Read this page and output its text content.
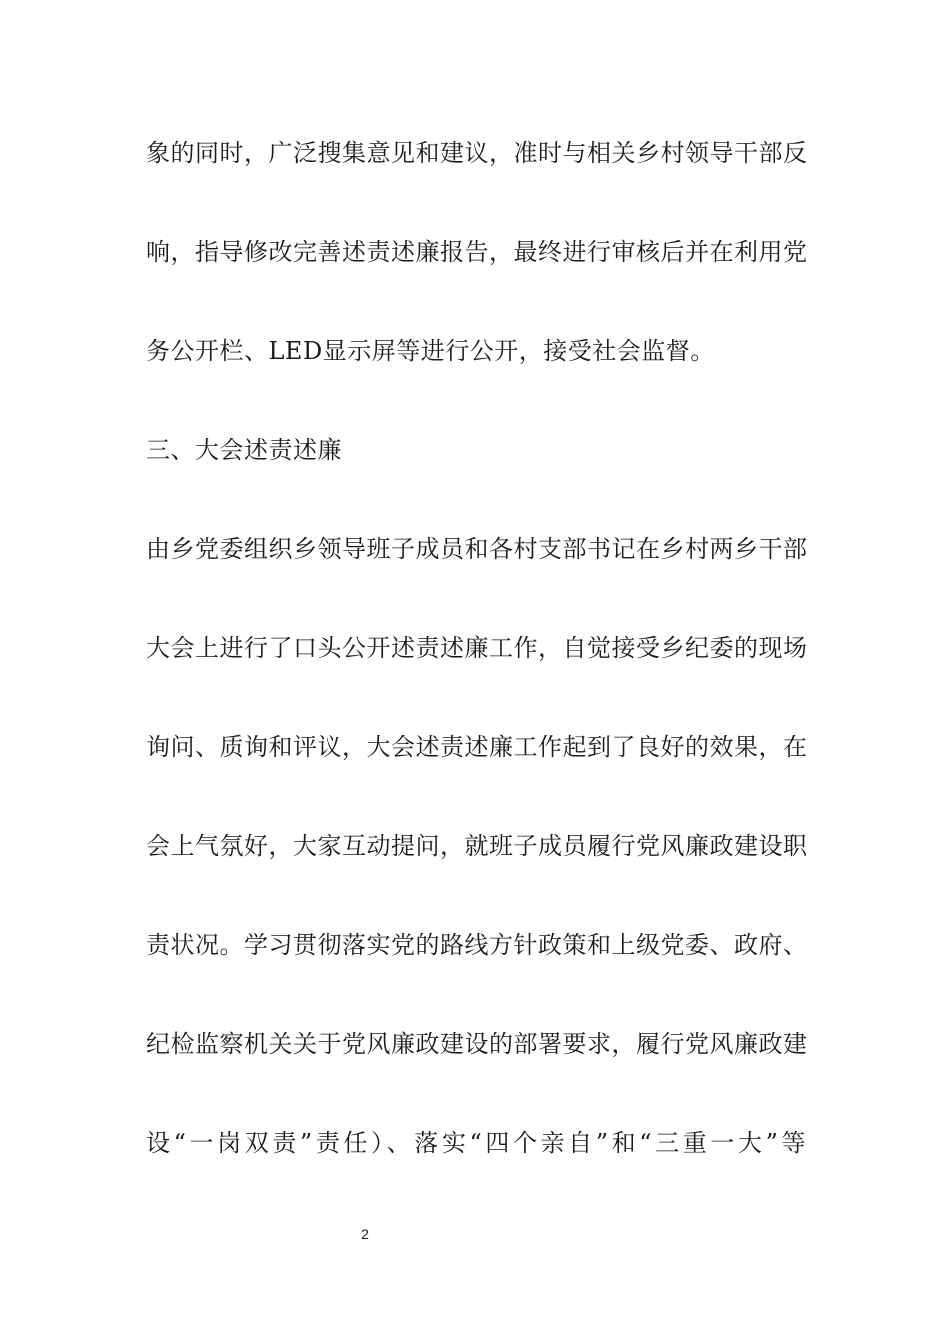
象的同时，广泛搜集意见和建议，准时与相关乡村领导干部反
响，指导修改完善述责述廉报告，最终进行审核后并在利用党
务公开栏、LED显示屏等进行公开，接受社会监督。
三、大会述责述廉
由乡党委组织乡领导班子成员和各村支部书记在乡村两乡干部
大会上进行了口头公开述责述廉工作，自觉接受乡纪委的现场
询问、质询和评议，大会述责述廉工作起到了良好的效果，在
会上气氛好，大家互动提问，就班子成员履行党风廉政建设职
责状况。学习贯彻落实党的路线方针政策和上级党委、政府、
纪检监察机关关于党风廉政建设的部署要求，履行党风廉政建
设“一岗双责”责任）、落实“四个亲自”和“三重一大”等
2
